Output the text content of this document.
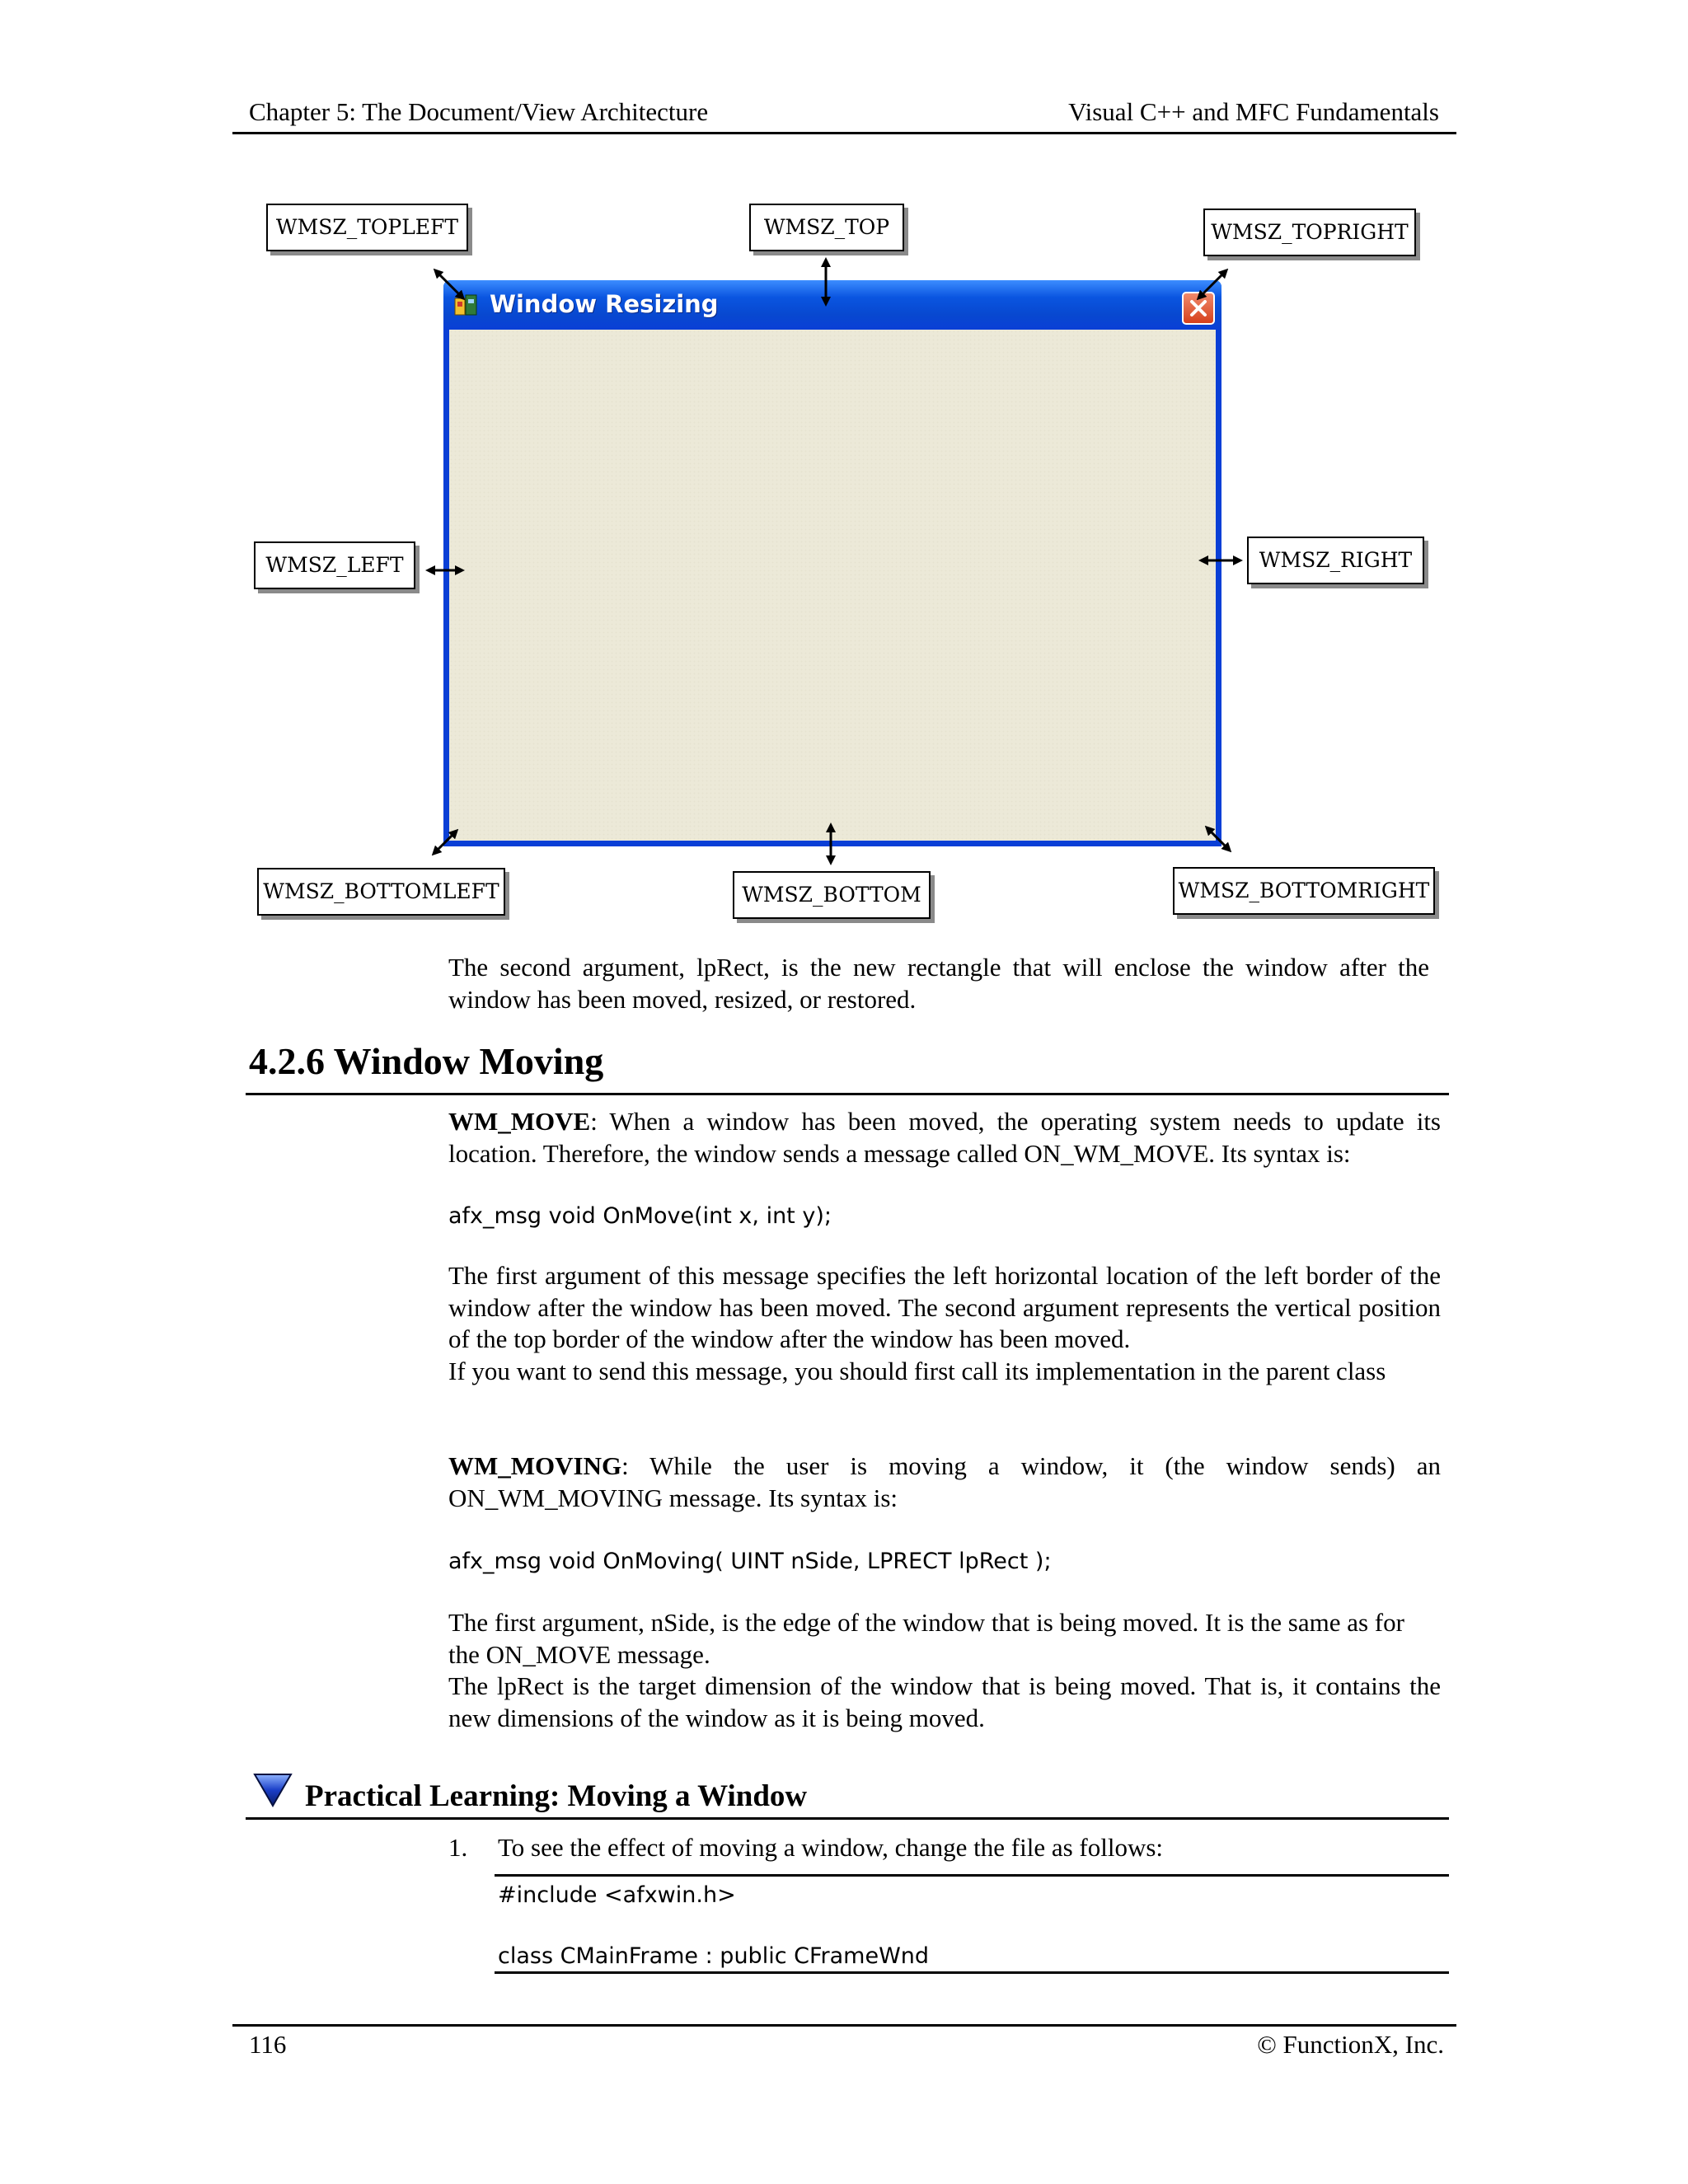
Chapter 5: The Document/View Architecture	Visual C++ and MFC Fundamentals
Window Resizing
WMSZ_TOPLEFT	WMSZ_TOP	WMSZ_TOPRIGHT
WMSZ_LEFT	WMSZ_RIGHT
WMSZ_BOTTOMLEFT	WMSZ_BOTTOM	WMSZ_BOTTOMRIGHT
The second argument, lpRect, is the new rectangle that will enclose the window after the window has been moved, resized, or restored.
4.2.6 Window Moving
WM_MOVE: When a window has been moved, the operating system needs to update its location. Therefore, the window sends a message called ON_WM_MOVE. Its syntax is:
afx_msg void OnMove(int x, int y);
The first argument of this message specifies the left horizontal location of the left border of the window after the window has been moved. The second argument represents the vertical position of the top border of the window after the window has been moved.
If you want to send this message, you should first call its implementation in the parent class
WM_MOVING: While the user is moving a window, it (the window sends) an ON_WM_MOVING message. Its syntax is:
afx_msg void OnMoving( UINT nSide, LPRECT lpRect );
The first argument, nSide, is the edge of the window that is being moved. It is the same as for the ON_MOVE message.
The lpRect is the target dimension of the window that is being moved. That is, it contains the new dimensions of the window as it is being moved.
Practical Learning: Moving a Window
1. To see the effect of moving a window, change the file as follows:
#include <afxwin.h>
class CMainFrame : public CFrameWnd
116	© FunctionX, Inc.
